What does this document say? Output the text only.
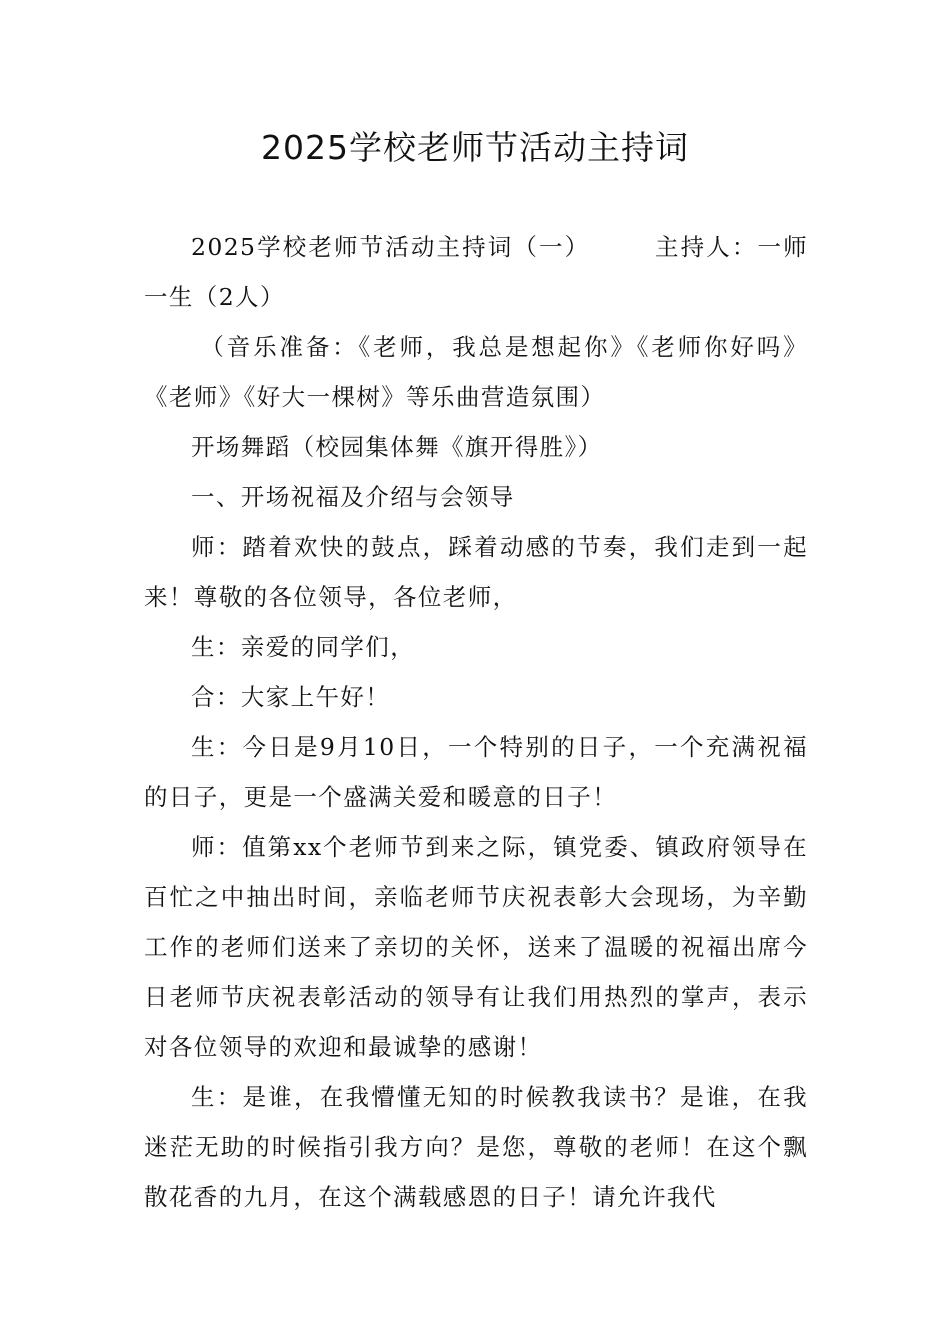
2025学校老师节活动主持词

2025学校老师节活动主持词（一）	主持人：一师一生（2人）

（音乐准备：《老师，我总是想起你》《老师你好吗》《老师》《好大一棵树》等乐曲营造氛围）

开场舞蹈（校园集体舞《旗开得胜》）

一、开场祝福及介绍与会领导

师：踏着欢快的鼓点，踩着动感的节奏，我们走到一起来！尊敬的各位领导，各位老师，

生：亲爱的同学们，

合：大家上午好！

生：今日是9月10日，一个特别的日子，一个充满祝福的日子，更是一个盛满关爱和暖意的日子！

师：值第xx个老师节到来之际，镇党委、镇政府领导在百忙之中抽出时间，亲临老师节庆祝表彰大会现场，为辛勤工作的老师们送来了亲切的关怀，送来了温暖的祝福出席今日老师节庆祝表彰活动的领导有让我们用热烈的掌声，表示对各位领导的欢迎和最诚挚的感谢！

生：是谁，在我懵懂无知的时候教我读书？是谁，在我迷茫无助的时候指引我方向？是您，尊敬的老师！在这个飘散花香的九月，在这个满载感恩的日子！请允许我代
